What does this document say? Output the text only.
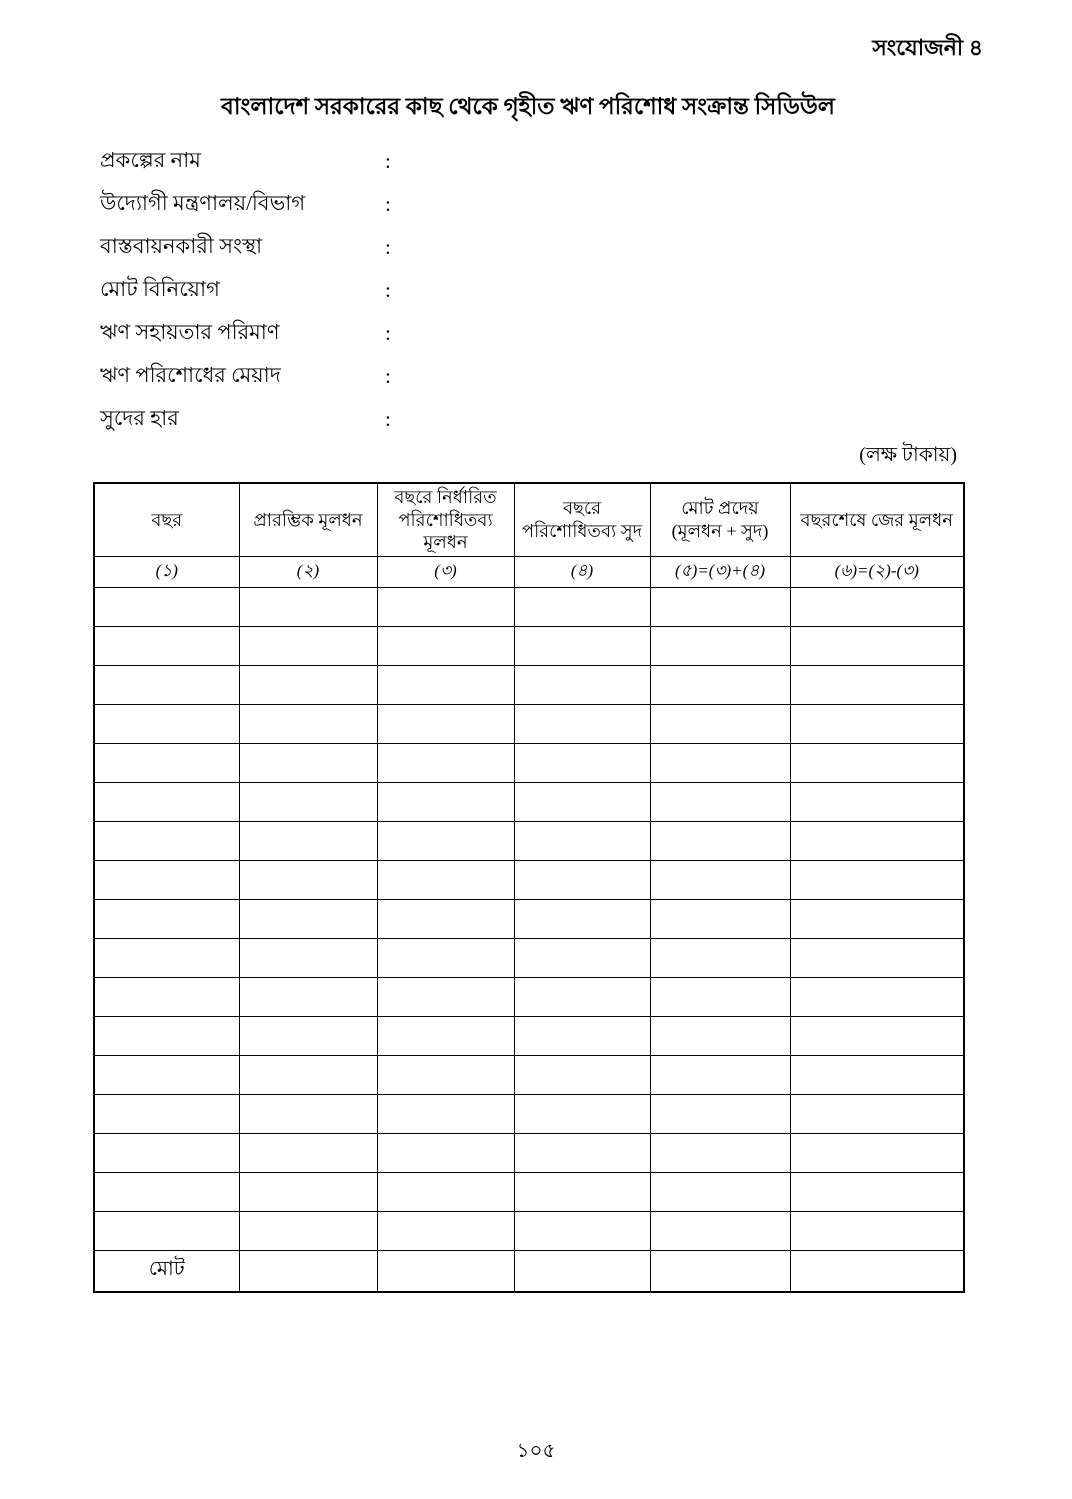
সংযোজনী ৪
বাংলাদেশ সরকারের কাছ থেকে গৃহীত ঋণ পরিশোধ সংক্রান্ত সিডিউল
প্রকল্পের নাম	:
উদ্যোগী মন্ত্রণালয়/বিভাগ	:
বাস্তবায়নকারী সংস্থা	:
মোট বিনিয়োগ	:
ঋণ সহায়তার পরিমাণ	:
ঋণ পরিশোধের মেয়াদ	:
সুদের হার	:
(লক্ষ টাকায়)
বছর	প্রারম্ভিক মূলধন	বছরে নির্ধারিত পরিশোধিতব্য মূলধন	বছরে পরিশোধিতব্য সুদ	মোট প্রদেয় (মূলধন + সুদ)	বছরশেষে জের মূলধন
(১)	(২)	(৩)	(৪)	(৫)=(৩)+(৪)	(৬)=(২)-(৩)

মোট					
১০৫
